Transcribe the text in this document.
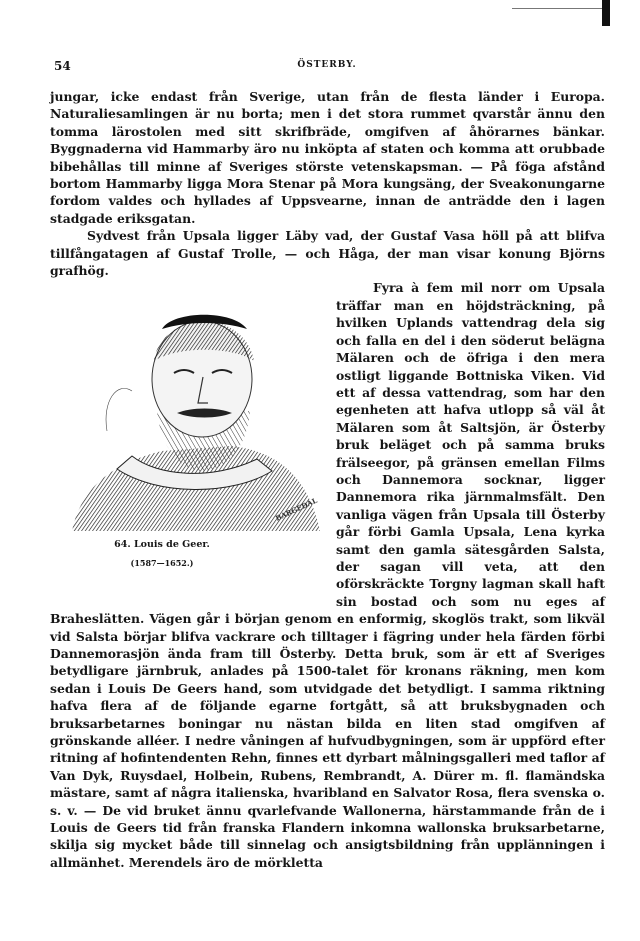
54	ÖSTERBY.

jungar, icke endast från Sverige, utan från de flesta länder i Europa. Naturaliesamlingen är nu borta; men i det stora rummet qvarstår ännu den tomma lärostolen med sitt skrifbräde, omgifven af åhörarnes bänkar. Byggnaderna vid Hammarby äro nu inköpta af staten och komma att orubbade bibehållas till minne af Sveriges störste vetenskapsman. — På föga afstånd bortom Hammarby ligga Mora Stenar på Mora kungsäng, der Sveakonungarne fordom valdes och hyllades af Uppsvearne, innan de anträdde den i lagen stadgade eriksgatan.

Sydvest från Upsala ligger Läby vad, der Gustaf Vasa höll på att blifva tillfångatagen af Gustaf Trolle, — och Håga, der man visar konung Björns grafhög.

BARGEDAL
64. Louis de Geer.
(1587—1652.)

Fyra à fem mil norr om Upsala träffar man en höjdsträckning, på hvilken Uplands vattendrag dela sig och falla en del i den söderut belägna Mälaren och de öfriga i den mera ostligt liggande Bottniska Viken. Vid ett af dessa vattendrag, som har den egenheten att hafva utlopp så väl åt Mälaren som åt Saltsjön, är Österby bruk beläget och på samma bruks frälseegor, på gränsen emellan Films och Dannemora socknar, ligger Dannemora rika järnmalmsfält. Den vanliga vägen från Upsala till Österby går förbi Gamla Upsala, Lena kyrka samt den gamla sätesgården Salsta, der sagan vill veta, att den oförskräckte Torgny lagman skall haft sin bostad och som nu eges af Braheslätten. Vägen går i början genom en enformig, skoglös trakt, som likväl vid Salsta börjar blifva vackrare och tilltager i fägring under hela färden förbi Dannemorasjön ända fram till Österby. Detta bruk, som är ett af Sveriges betydligare järnbruk, anlades på 1500-talet för kronans räkning, men kom sedan i Louis De Geers hand, som utvidgade det betydligt. I samma riktning hafva flera af de följande egarne fortgått, så att bruksbygnaden och bruksarbetarnes boningar nu nästan bilda en liten stad omgifven af grönskande alléer. I nedre våningen af hufvudbygningen, som är uppförd efter ritning af hofintendenten Rehn, finnes ett dyrbart målningsgalleri med taflor af Van Dyk, Ruysdael, Holbein, Rubens, Rembrandt, A. Dürer m. fl. flamändska mästare, samt af några italienska, hvaribland en Salvator Rosa, flera svenska o. s. v. — De vid bruket ännu qvarlefvande Wallonerna, härstammande från de i Louis de Geers tid från franska Flandern inkomna wallonska bruksarbetarne, skilja sig mycket både till sinnelag och ansigtsbildning från upplänningen i allmänhet. Merendels äro de mörkletta
